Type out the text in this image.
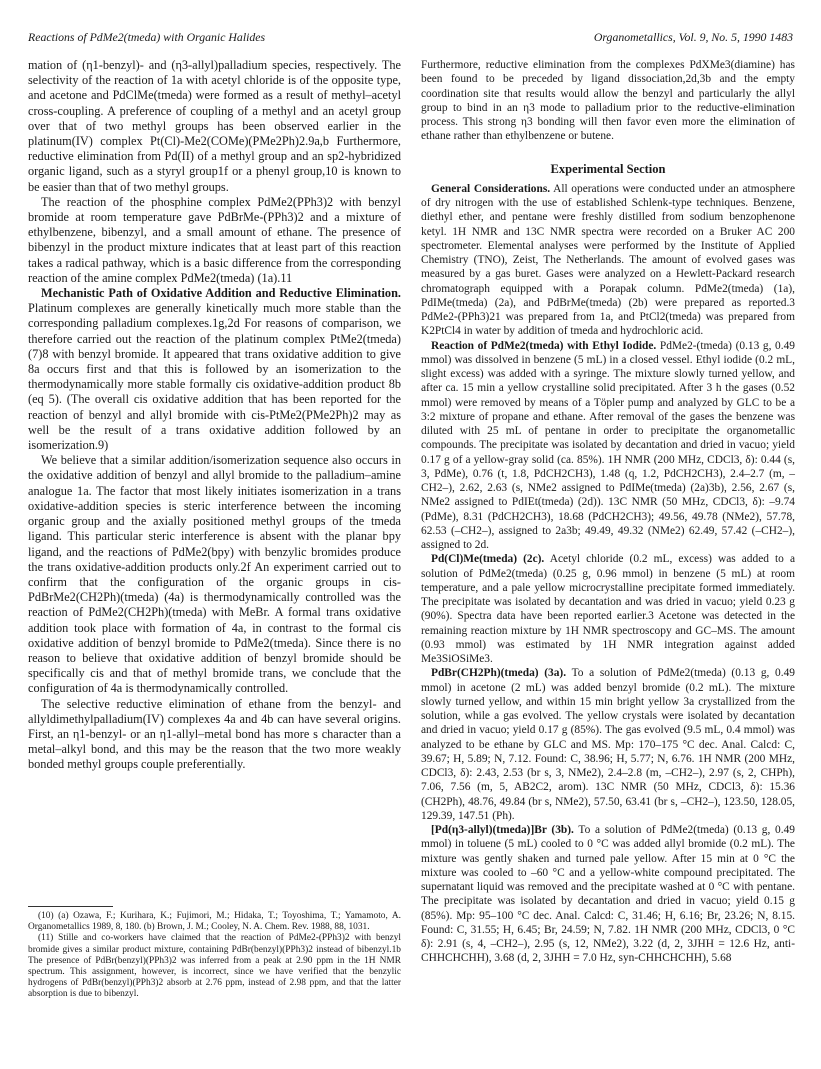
Reactions of PdMe2(tmeda) with Organic Halides	Organometallics, Vol. 9, No. 5, 1990 1483

mation of (η1-benzyl)- and (η3-allyl)palladium species, respectively. The selectivity of the reaction of 1a with acetyl chloride is of the opposite type, and acetone and PdClMe(tmeda) were formed as a result of methyl–acetyl cross-coupling. A preference of coupling of a methyl and an acetyl group over that of two methyl groups has been observed earlier in the platinum(IV) complex Pt(Cl)-Me2(COMe)(PMe2Ph)2.9a,b Furthermore, reductive elimination from Pd(II) of a methyl group and an sp2-hybridized organic ligand, such as a styryl group1f or a phenyl group,10 is known to be easier than that of two methyl groups.

The reaction of the phosphine complex PdMe2(PPh3)2 with benzyl bromide at room temperature gave PdBrMe-(PPh3)2 and a mixture of ethylbenzene, bibenzyl, and a small amount of ethane. The presence of bibenzyl in the product mixture indicates that at least part of this reaction takes a radical pathway, which is a basic difference from the corresponding reaction of the amine complex PdMe2(tmeda) (1a).11

Mechanistic Path of Oxidative Addition and Reductive Elimination. Platinum complexes are generally kinetically much more stable than the corresponding palladium complexes.1g,2d For reasons of comparison, we therefore carried out the reaction of the platinum complex PtMe2(tmeda) (7)8 with benzyl bromide. It appeared that trans oxidative addition to give 8a occurs first and that this is followed by an isomerization to the thermodynamically more stable formally cis oxidative-addition product 8b (eq 5). (The overall cis oxidative addition that has been reported for the reaction of benzyl and allyl bromide with cis-PtMe2(PMe2Ph)2 may as well be the result of a trans oxidative addition followed by an isomerization.9)

We believe that a similar addition/isomerization sequence also occurs in the oxidative addition of benzyl and allyl bromide to the palladium–amine analogue 1a. The factor that most likely initiates isomerization in a trans oxidative-addition species is steric interference between the incoming organic group and the axially positioned methyl groups of the tmeda ligand. This particular steric interference is absent with the planar bpy ligand, and the reactions of PdMe2(bpy) with benzylic bromides produce the trans oxidative-addition products only.2f An experiment carried out to confirm that the configuration of the organic groups in cis-PdBrMe2(CH2Ph)(tmeda) (4a) is thermodynamically controlled was the reaction of PdMe2(CH2Ph)(tmeda) with MeBr. A formal trans oxidative addition took place with formation of 4a, in contrast to the formal cis oxidative addition of benzyl bromide to PdMe2(tmeda). Since there is no reason to believe that oxidative addition of benzyl bromide should be specifically cis and that of methyl bromide trans, we conclude that the configuration of 4a is thermodynamically controlled.

The selective reductive elimination of ethane from the benzyl- and allyldimethylpalladium(IV) complexes 4a and 4b can have several origins. First, an η1-benzyl- or an η1-allyl–metal bond has more s character than a metal–alkyl bond, and this may be the reason that the two more weakly bonded methyl groups couple preferentially.

(10) (a) Ozawa, F.; Kurihara, K.; Fujimori, M.; Hidaka, T.; Toyoshima, T.; Yamamoto, A. Organometallics 1989, 8, 180. (b) Brown, J. M.; Cooley, N. A. Chem. Rev. 1988, 88, 1031.

(11) Stille and co-workers have claimed that the reaction of PdMe2-(PPh3)2 with benzyl bromide gives a similar product mixture, containing PdBr(benzyl)(PPh3)2 instead of bibenzyl.1b The presence of PdBr(benzyl)(PPh3)2 was inferred from a peak at 2.90 ppm in the 1H NMR spectrum. This assignment, however, is incorrect, since we have verified that the benzylic hydrogens of PdBr(benzyl)(PPh3)2 absorb at 2.76 ppm, instead of 2.98 ppm, and that the latter absorption is due to bibenzyl.

Furthermore, reductive elimination from the complexes PdXMe3(diamine) has been found to be preceded by ligand dissociation,2d,3b and the empty coordination site that results would allow the benzyl and particularly the allyl group to bind in an η3 mode to palladium prior to the reductive-elimination process. This strong η3 bonding will then favor even more the elimination of ethane rather than ethylbenzene or butene.

Experimental Section

General Considerations. All operations were conducted under an atmosphere of dry nitrogen with the use of established Schlenk-type techniques. Benzene, diethyl ether, and pentane were freshly distilled from sodium benzophenone ketyl. 1H NMR and 13C NMR spectra were recorded on a Bruker AC 200 spectrometer. Elemental analyses were performed by the Institute of Applied Chemistry (TNO), Zeist, The Netherlands. The amount of evolved gases was measured by a gas buret. Gases were analyzed on a Hewlett-Packard research chromatograph equipped with a Porapak column. PdMe2(tmeda) (1a), PdIMe(tmeda) (2a), and PdBrMe(tmeda) (2b) were prepared as reported.3 PdMe2-(PPh3)21 was prepared from 1a, and PtCl2(tmeda) was prepared from K2PtCl4 in water by addition of tmeda and hydrochloric acid.

Reaction of PdMe2(tmeda) with Ethyl Iodide. PdMe2-(tmeda) (0.13 g, 0.49 mmol) was dissolved in benzene (5 mL) in a closed vessel. Ethyl iodide (0.2 mL, slight excess) was added with a syringe. The mixture slowly turned yellow, and after ca. 15 min a yellow crystalline solid precipitated. After 3 h the gases (0.52 mmol) were removed by means of a Töpler pump and analyzed by GLC to be a 3:2 mixture of propane and ethane. After removal of the gases the benzene was diluted with 25 mL of pentane in order to precipitate the organometallic compounds. The precipitate was isolated by decantation and dried in vacuo; yield 0.17 g of a yellow-gray solid (ca. 85%). 1H NMR (200 MHz, CDCl3, δ): 0.44 (s, 3, PdMe), 0.76 (t, 1.8, PdCH2CH3), 1.48 (q, 1.2, PdCH2CH3), 2.4–2.7 (m, –CH2–), 2.62, 2.63 (s, NMe2 assigned to PdIMe(tmeda) (2a)3b), 2.56, 2.67 (s, NMe2 assigned to PdIEt(tmeda) (2d)). 13C NMR (50 MHz, CDCl3, δ): –9.74 (PdMe), 8.31 (PdCH2CH3), 18.68 (PdCH2CH3); 49.56, 49.78 (NMe2), 57.78, 62.53 (–CH2–), assigned to 2a3b; 49.49, 49.32 (NMe2) 62.49, 57.42 (–CH2–), assigned to 2d.

Pd(Cl)Me(tmeda) (2c). Acetyl chloride (0.2 mL, excess) was added to a solution of PdMe2(tmeda) (0.25 g, 0.96 mmol) in benzene (5 mL) at room temperature, and a pale yellow microcrystalline precipitate formed immediately. The precipitate was isolated by decantation and was dried in vacuo; yield 0.23 g (90%). Spectra data have been reported earlier.3 Acetone was detected in the remaining reaction mixture by 1H NMR spectroscopy and GC–MS. The amount (0.93 mmol) was estimated by 1H NMR integration against added Me3SiOSiMe3.

PdBr(CH2Ph)(tmeda) (3a). To a solution of PdMe2(tmeda) (0.13 g, 0.49 mmol) in acetone (2 mL) was added benzyl bromide (0.2 mL). The mixture slowly turned yellow, and within 15 min bright yellow 3a crystallized from the solution, while a gas evolved. The yellow crystals were isolated by decantation and dried in vacuo; yield 0.17 g (85%). The gas evolved (9.5 mL, 0.4 mmol) was analyzed to be ethane by GLC and MS. Mp: 170–175 °C dec. Anal. Calcd: C, 39.67; H, 5.89; N, 7.12. Found: C, 38.96; H, 5.77; N, 6.76. 1H NMR (200 MHz, CDCl3, δ): 2.43, 2.53 (br s, 3, NMe2), 2.4–2.8 (m, –CH2–), 2.97 (s, 2, CHPh), 7.06, 7.56 (m, 5, AB2C2, arom). 13C NMR (50 MHz, CDCl3, δ): 15.36 (CH2Ph), 48.76, 49.84 (br s, NMe2), 57.50, 63.41 (br s, –CH2–), 123.50, 128.05, 129.39, 147.51 (Ph).

[Pd(η3-allyl)(tmeda)]Br (3b). To a solution of PdMe2(tmeda) (0.13 g, 0.49 mmol) in toluene (5 mL) cooled to 0 °C was added allyl bromide (0.2 mL). The mixture was gently shaken and turned pale yellow. After 15 min at 0 °C the mixture was cooled to –60 °C and a yellow-white compound precipitated. The supernatant liquid was removed and the precipitate washed at 0 °C with pentane. The precipitate was isolated by decantation and dried in vacuo; yield 0.15 g (85%). Mp: 95–100 °C dec. Anal. Calcd: C, 31.46; H, 6.16; Br, 23.26; N, 8.15. Found: C, 31.55; H, 6.45; Br, 24.59; N, 7.82. 1H NMR (200 MHz, CDCl3, 0 °C δ): 2.91 (s, 4, –CH2–), 2.95 (s, 12, NMe2), 3.22 (d, 2, 3JHH = 12.6 Hz, anti-CHHCHCHH), 3.68 (d, 2, 3JHH = 7.0 Hz, syn-CHHCHCHH), 5.68
